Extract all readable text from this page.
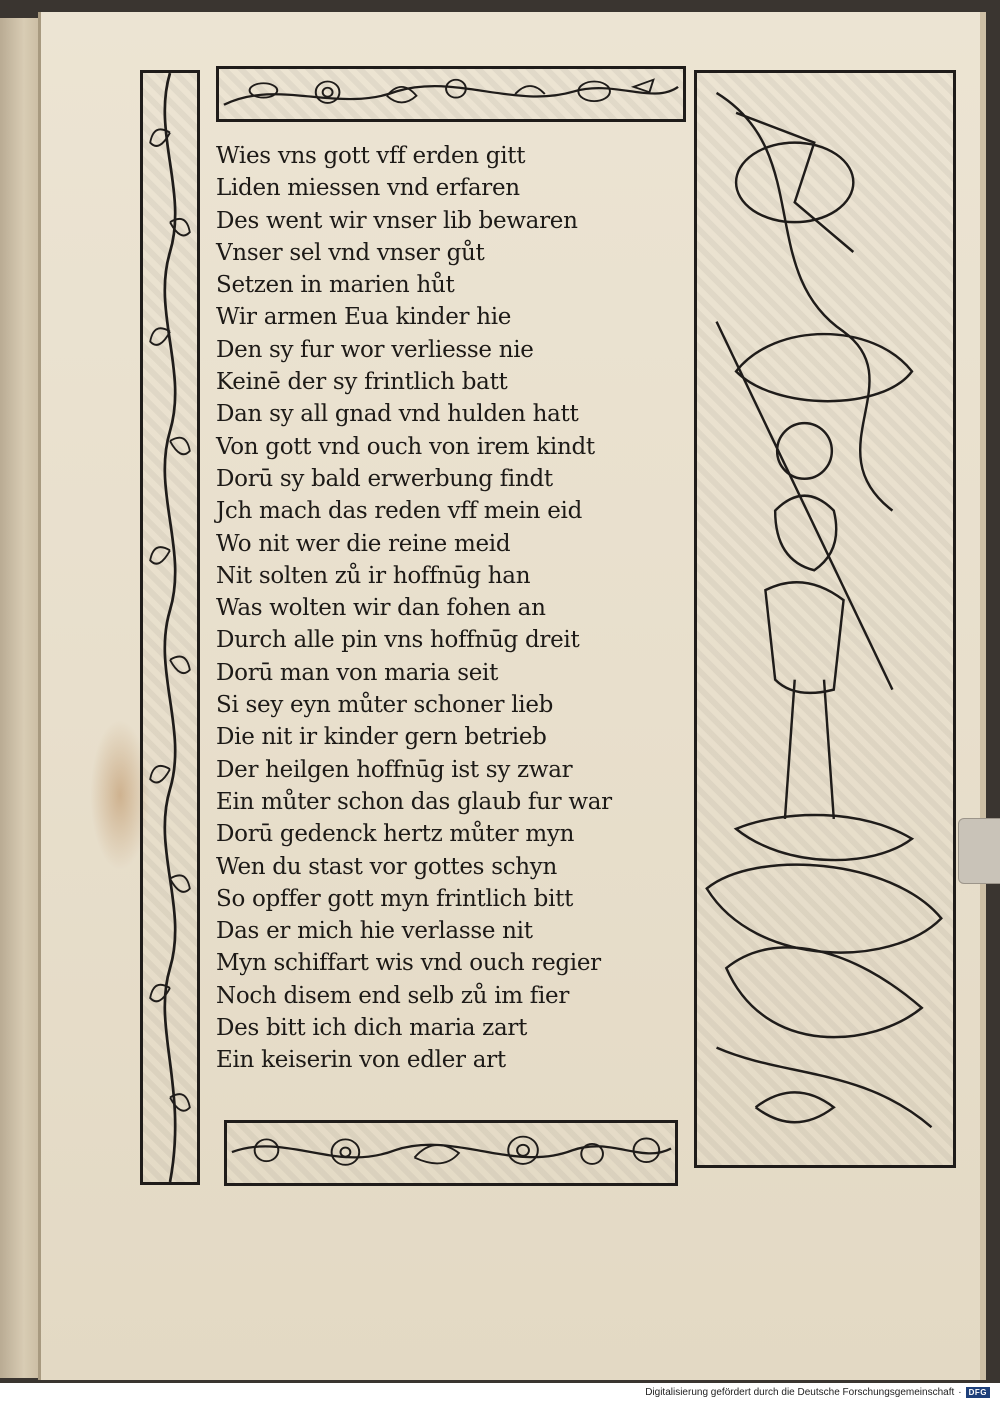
Wies vns gott vff erden gitt
Liden miessen vnd erfaren
Des went wir vnser lib bewaren
Vnser sel vnd vnser gůt
Setzen in marien hůt
Wir armen Eua kinder hie
Den sy fur wor verliesse nie
Keinē der sy frintlich batt
Dan sy all gnad vnd hulden hatt
Von gott vnd ouch von irem kindt
Dorū sy bald erwerbung findt
Jch mach das reden vff mein eid
Wo nit wer die reine meid
Nit solten zů ir hoffnūg han
Was wolten wir dan fohen an
Durch alle pin vns hoffnūg dreit
Dorū man von maria seit
Si sey eyn můter schoner lieb
Die nit ir kinder gern betrieb
Der heilgen hoffnūg ist sy zwar
Ein můter schon das glaub fur war
Dorū gedenck hertz můter myn
Wen du stast vor gottes schyn
So opffer gott myn frintlich bitt
Das er mich hie verlasse nit
Myn schiffart wis vnd ouch regier
Noch disem end selb zů im fier
Des bitt ich dich maria zart
Ein keiserin von edler art
Digitalisierung gefördert durch die Deutsche Forschungsgemeinschaft · DFG
